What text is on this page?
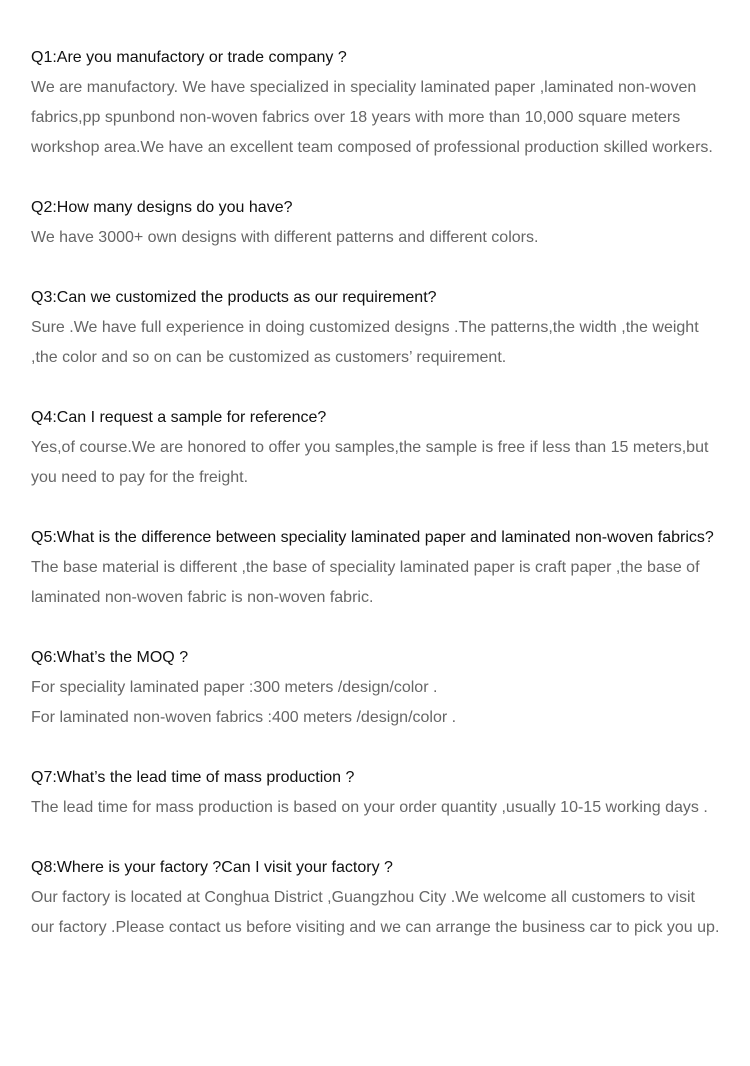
Q1:Are you manufactory or trade company ?

We are manufactory. We have specialized in speciality laminated paper ,laminated non-woven fabrics,pp spunbond non-woven fabrics over 18 years with more than 10,000 square meters workshop area.We have an excellent team composed of professional production skilled workers.

Q2:How many designs do you have?

We have 3000+ own designs with different patterns and different colors.

Q3:Can we customized the products as our requirement?

Sure .We have full experience in doing customized designs .The patterns,the width ,the weight ,the color and so on can be customized as customers’ requirement.

Q4:Can I request a sample for reference?

Yes,of course.We are honored to offer you samples,the sample is free if less than 15 meters,but you need to pay for the freight.

Q5:What is the difference between speciality laminated paper and laminated non-woven fabrics?

The base material is different ,the base of speciality laminated paper is craft paper ,the base of laminated non-woven fabric is non-woven fabric.

Q6:What’s the MOQ ?

For speciality laminated paper :300 meters /design/color .

For laminated non-woven fabrics :400 meters /design/color .

Q7:What’s the lead time of mass production ?

The lead time for mass production is based on your order quantity ,usually 10-15 working days .

Q8:Where is your factory ?Can I visit your factory ?

Our factory is located at Conghua District ,Guangzhou City .We welcome all customers to visit our factory .Please contact us before visiting and we can arrange the business car to pick you up.
